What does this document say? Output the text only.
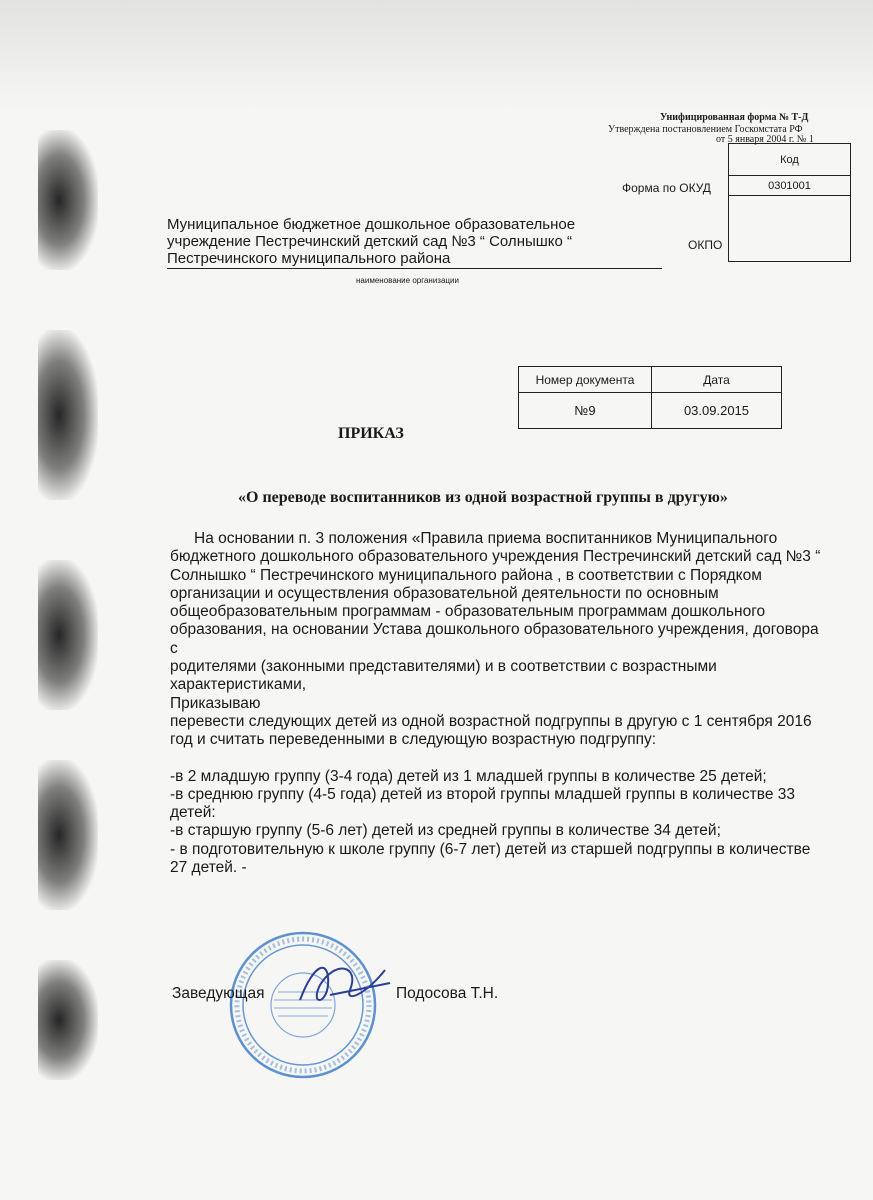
Унифицированная форма № Т-Д
Утверждена постановлением Госкомстата РФ
от 5 января 2004 г. № 1
Код
0301001

Форма по ОКУД
ОКПО
Муниципальное бюджетное дошкольное образовательное
учреждение Пестречинский детский сад №3 “ Солнышко “
Пестречинского муниципального района
наименование организации
Номер документа	Дата
№9	03.09.2015
ПРИКАЗ
«О переводе воспитанников из одной возрастной группы в другую»

На основании п. 3 положения «Правила приема воспитанников Муниципального

бюджетного дошкольного образовательного учреждения Пестречинский детский сад №3 “

Солнышко “ Пестречинского муниципального района , в соответствии с Порядком

организации и осуществления образовательной деятельности по основным

общеобразовательным программам - образовательным программам дошкольного

образования, на основании Устава дошкольного образовательного учреждения, договора с

родителями (законными представителями) и в соответствии с возрастными

характеристиками,

Приказываю

перевести следующих детей из одной возрастной подгруппы в другую с 1 сентября 2016

год и считать переведенными в следующую возрастную подгруппу:

-в 2 младшую группу (3-4 года) детей из 1 младшей группы в количестве 25 детей;

-в среднюю группу (4-5 года) детей из второй группы младшей группы в количестве 33

детей:

-в старшую группу (5-6 лет) детей из средней группы в количестве 34 детей;

- в подготовительную к школе группу (6-7 лет) детей из старшей подгруппы в количестве

27 детей. -

Заведующая	Подосова Т.Н.
